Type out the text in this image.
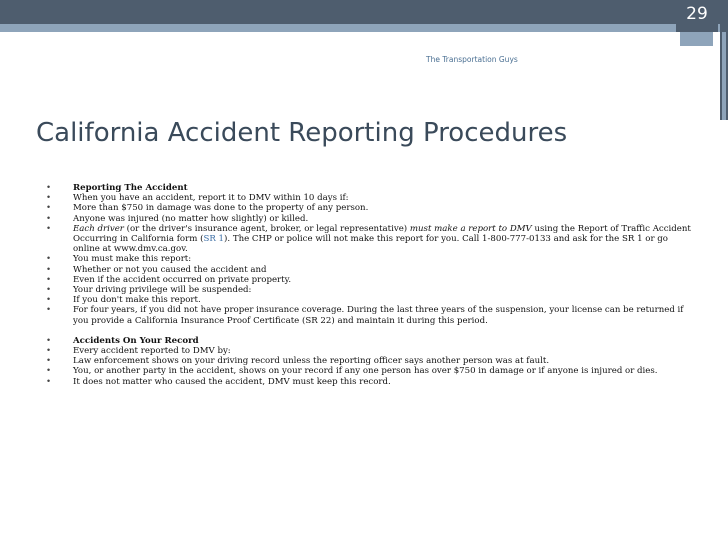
29
The Transportation Guys
California Accident Reporting Procedures
•	Reporting The Accident
•	When you have an accident, report it to DMV within 10 days if:
•	More than $750 in damage was done to the property of any person.
•	Anyone was injured (no matter how slightly) or killed.
•	Each driver (or the driver's insurance agent, broker, or legal representative) must make a report to DMV using the Report of Traffic Accident Occurring in California form (SR 1). The CHP or police will not make this report for you. Call 1-800-777-0133 and ask for the SR 1 or go online at www.dmv.ca.gov.
•	You must make this report:
•	Whether or not you caused the accident and
•	Even if the accident occurred on private property.
•	Your driving privilege will be suspended:
•	If you don't make this report.
•	For four years, if you did not have proper insurance coverage. During the last three years of the suspension, your license can be returned if you provide a California Insurance Proof Certificate (SR 22) and maintain it during this period.
•	Accidents On Your Record
•	Every accident reported to DMV by:
•	Law enforcement shows on your driving record unless the reporting officer says another person was at fault.
•	You, or another party in the accident, shows on your record if any one person has over $750 in damage or if anyone is injured or dies.
•	It does not matter who caused the accident, DMV must keep this record.
